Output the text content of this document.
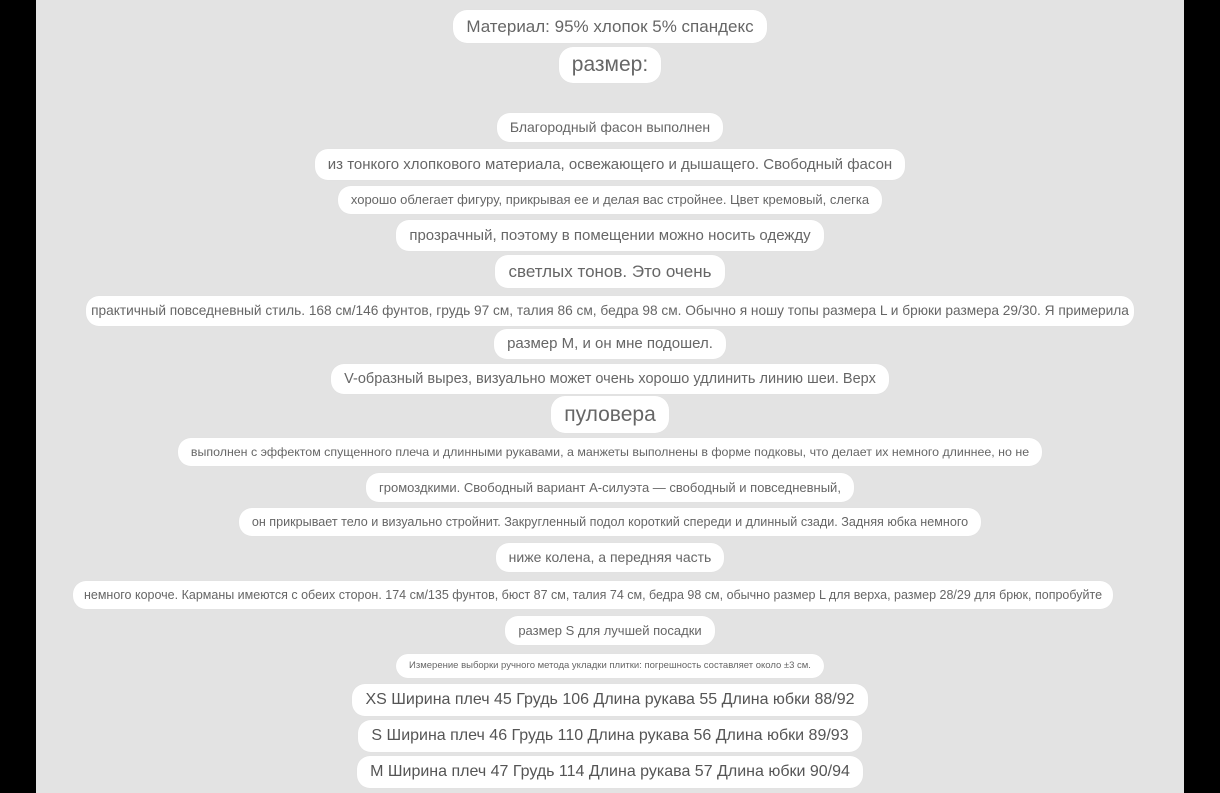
Материал: 95% хлопок 5% спандекс
размер:
Благородный фасон выполнен
из тонкого хлопкового материала, освежающего и дышащего. Свободный фасон
хорошо облегает фигуру, прикрывая ее и делая вас стройнее. Цвет кремовый, слегка
прозрачный, поэтому в помещении можно носить одежду
светлых тонов. Это очень
практичный повседневный стиль. 168 см/146 фунтов, грудь 97 см, талия 86 см, бедра 98 см. Обычно я ношу топы размера L и брюки размера 29/30. Я примерила
размер M, и он мне подошел.
V-образный вырез, визуально может очень хорошо удлинить линию шеи. Верх
пуловера
выполнен с эффектом спущенного плеча и длинными рукавами, а манжеты выполнены в форме подковы, что делает их немного длиннее, но не
громоздкими. Свободный вариант А-силуэта — свободный и повседневный,
он прикрывает тело и визуально стройнит. Закругленный подол короткий спереди и длинный сзади. Задняя юбка немного
ниже колена, а передняя часть
немного короче. Карманы имеются с обеих сторон. 174 см/135 фунтов, бюст 87 см, талия 74 см, бедра 98 см, обычно размер L для верха, размер 28/29 для брюк, попробуйте
размер S для лучшей посадки
Измерение выборки ручного метода укладки плитки: погрешность составляет около ±3 см.
XS Ширина плеч 45 Грудь 106 Длина рукава 55 Длина юбки 88/92
S Ширина плеч 46 Грудь 110 Длина рукава 56 Длина юбки 89/93
M Ширина плеч 47 Грудь 114 Длина рукава 57 Длина юбки 90/94
